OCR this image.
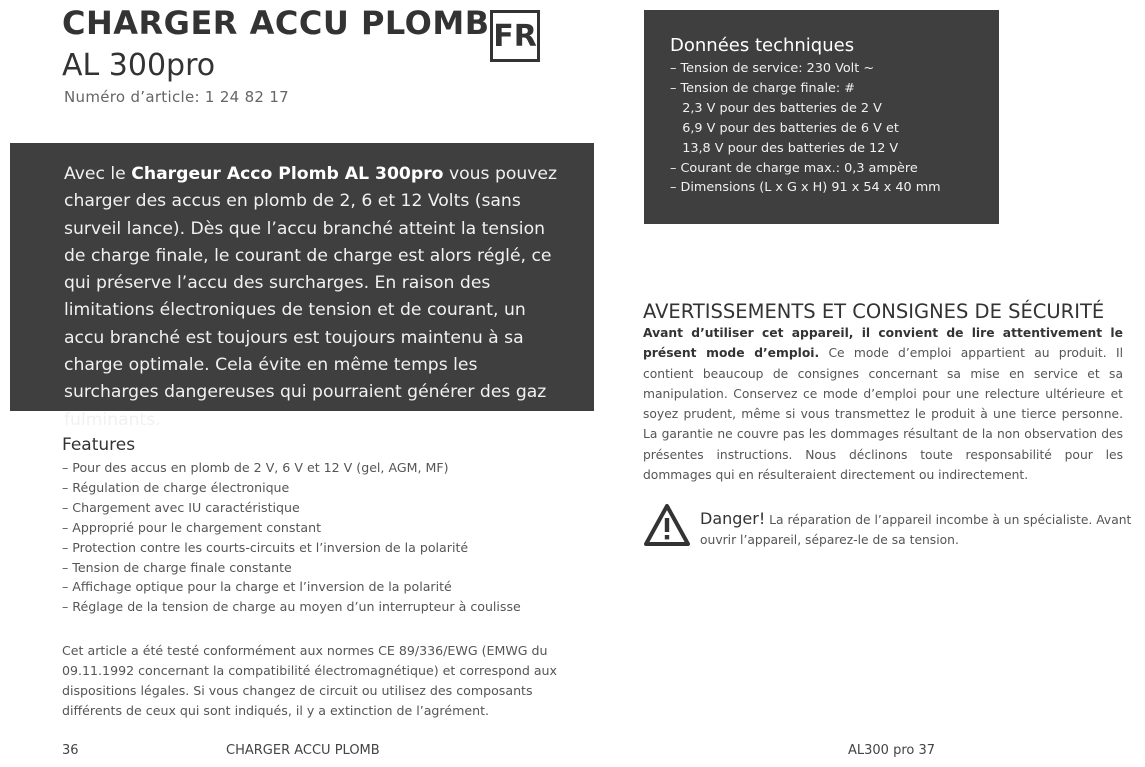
CHARGER ACCU PLOMB
AL 300pro
Numéro d’article: 1 24 82 17
FR

Avec le Chargeur Acco Plomb AL 300pro vous pouvez charger des accus en plomb de 2, 6 et 12 Volts (sans surveil lance). Dès que l’accu branché atteint la tension de charge finale, le courant de charge est alors réglé, ce qui préserve l’accu des surcharges. En raison des limitations électroniques de tension et de courant, un accu branché est toujours est toujours maintenu à sa charge optimale. Cela évite en même temps les surcharges dangereuses qui pourraient générer des gaz fulminants.

Features
– Pour des accus en plomb de 2 V, 6 V et 12 V (gel, AGM, MF)
– Régulation de charge électronique
– Chargement avec IU caractéristique
– Approprié pour le chargement constant
– Protection contre les courts-circuits et l’inversion de la polarité
– Tension de charge finale constante
– Affichage optique pour la charge et l’inversion de la polarité
– Réglage de la tension de charge au moyen d’un interrupteur à coulisse

Cet article a été testé conformément aux normes CE 89/336/EWG (EMWG du 09.11.1992 concernant la compatibilité électromagnétique) et correspond aux dispositions légales. Si vous changez de circuit ou utilisez des composants différents de ceux qui sont indiqués, il y a extinction de l’agrément.

36	CHARGER ACCU PLOMB
Données techniques
– Tension de service: 230 Volt ~
– Tension de charge finale: #
2,3 V pour des batteries de 2 V
6,9 V pour des batteries de 6 V et
13,8 V pour des batteries de 12 V
– Courant de charge max.: 0,3 ampère
– Dimensions (L x G x H) 91 x 54 x 40 mm
AVERTISSEMENTS ET CONSIGNES DE SÉCURITÉ

Avant d’utiliser cet appareil, il convient de lire attentivement le présent mode d’emploi. Ce mode d’emploi appartient au produit. Il contient beaucoup de consignes concernant sa mise en service et sa manipulation. Conservez ce mode d’emploi pour une relecture ultérieure et soyez prudent, même si vous transmettez le produit à une tierce personne. La garantie ne couvre pas les dommages résultant de la non observation des présentes instructions. Nous déclinons toute responsabilité pour les dommages qui en résulteraient directement ou indirectement.

Danger! La réparation de l’appareil incombe à un spécialiste. Avant ouvrir l’appareil, séparez-le de sa tension.

AL300 pro 37
